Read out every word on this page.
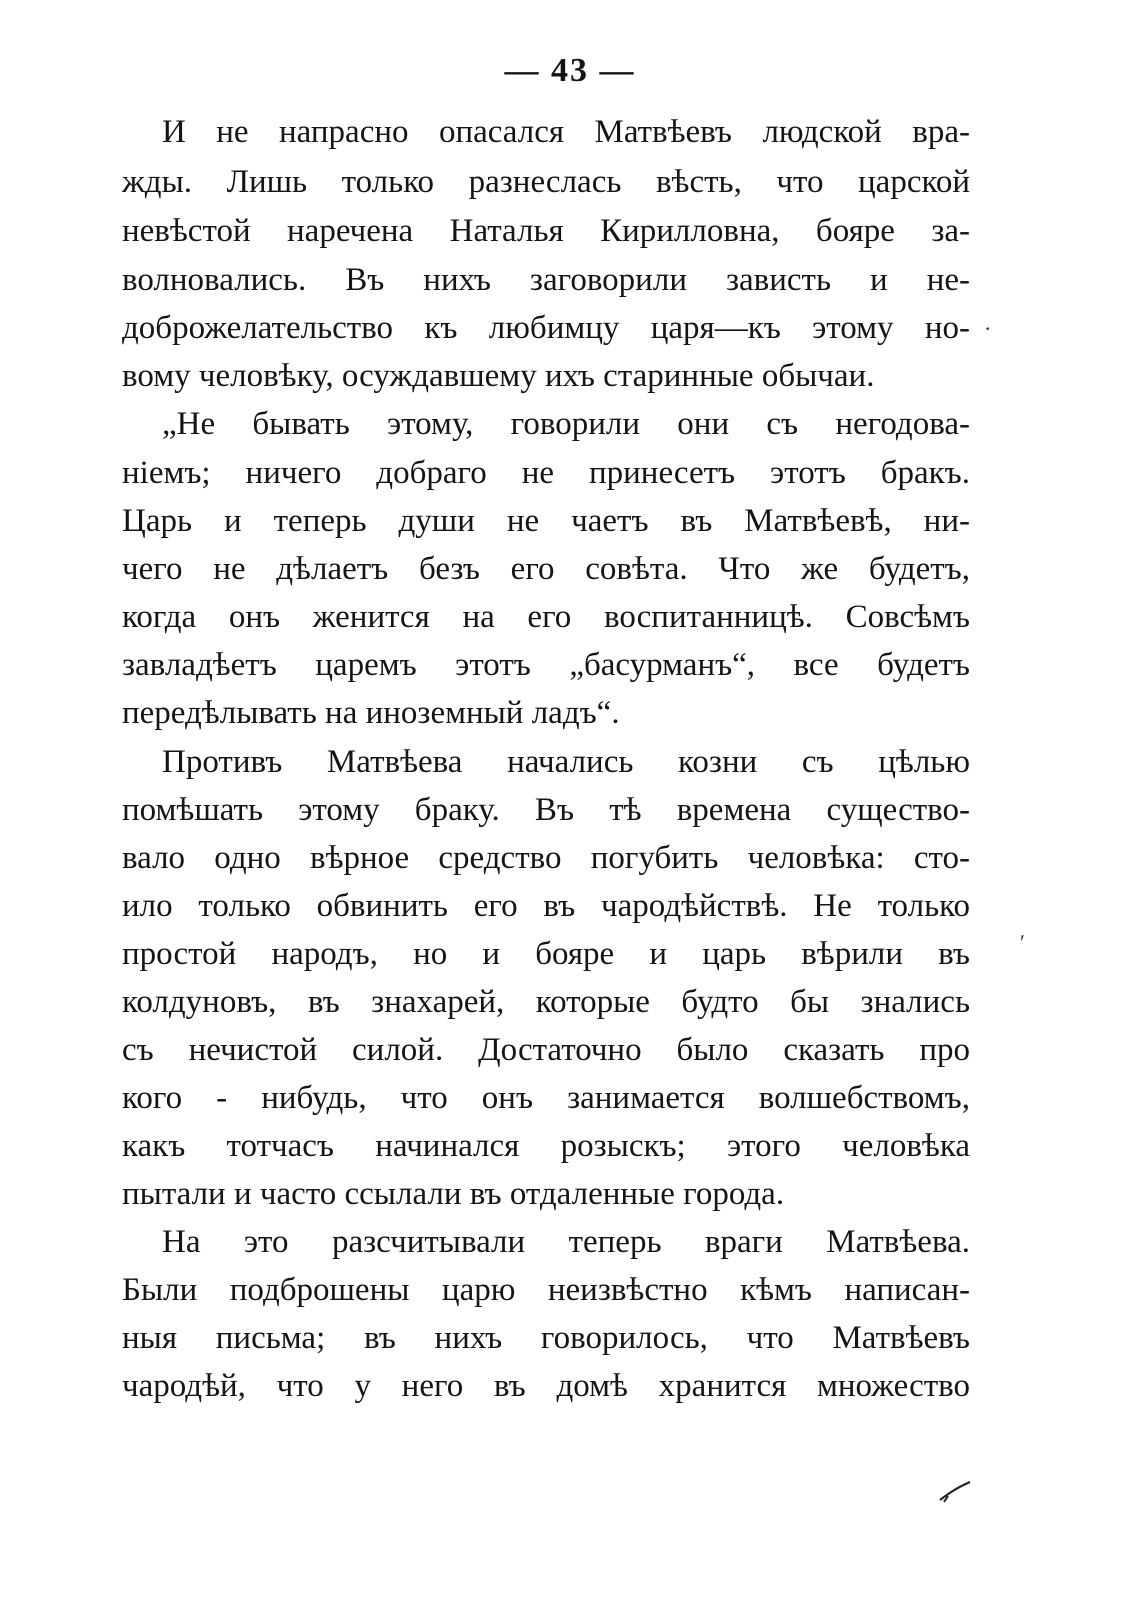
— 43 —
И не напрасно опасался Матвѣевъ людской вра-
жды. Лишь только разнеслась вѣсть, что царской
невѣстой наречена Наталья Кирилловна, бояре за-
волновались. Въ нихъ заговорили зависть и не-
доброжелательство къ любимцу царя—къ этому но-
вому человѣку, осуждавшему ихъ старинные обычаи.
„Не бывать этому, говорили они съ негодова-
ніемъ; ничего добраго не принесетъ этотъ бракъ.
Царь и теперь души не чаетъ въ Матвѣевѣ, ни-
чего не дѣлаетъ безъ его совѣта. Что же будетъ,
когда онъ женится на его воспитанницѣ. Совсѣмъ
завладѣетъ царемъ этотъ „басурманъ“, все будетъ
передѣлывать на иноземный ладъ“.
Противъ Матвѣева начались козни съ цѣлью
помѣшать этому браку. Въ тѣ времена существо-
вало одно вѣрное средство погубить человѣка: сто-
ило только обвинить его въ чародѣйствѣ. Не только
простой народъ, но и бояре и царь вѣрили въ
колдуновъ, въ знахарей, которые будто бы знались
съ нечистой силой. Достаточно было сказать про
кого - нибудь, что онъ занимается волшебствомъ,
какъ тотчасъ начинался розыскъ; этого человѣка
пытали и часто ссылали въ отдаленные города.
На это разсчитывали теперь враги Матвѣева.
Были подброшены царю неизвѣстно кѣмъ написан-
ныя письма; въ нихъ говорилось, что Матвѣевъ
чародѣй, что у него въ домѣ хранится множество
·
ʹ
